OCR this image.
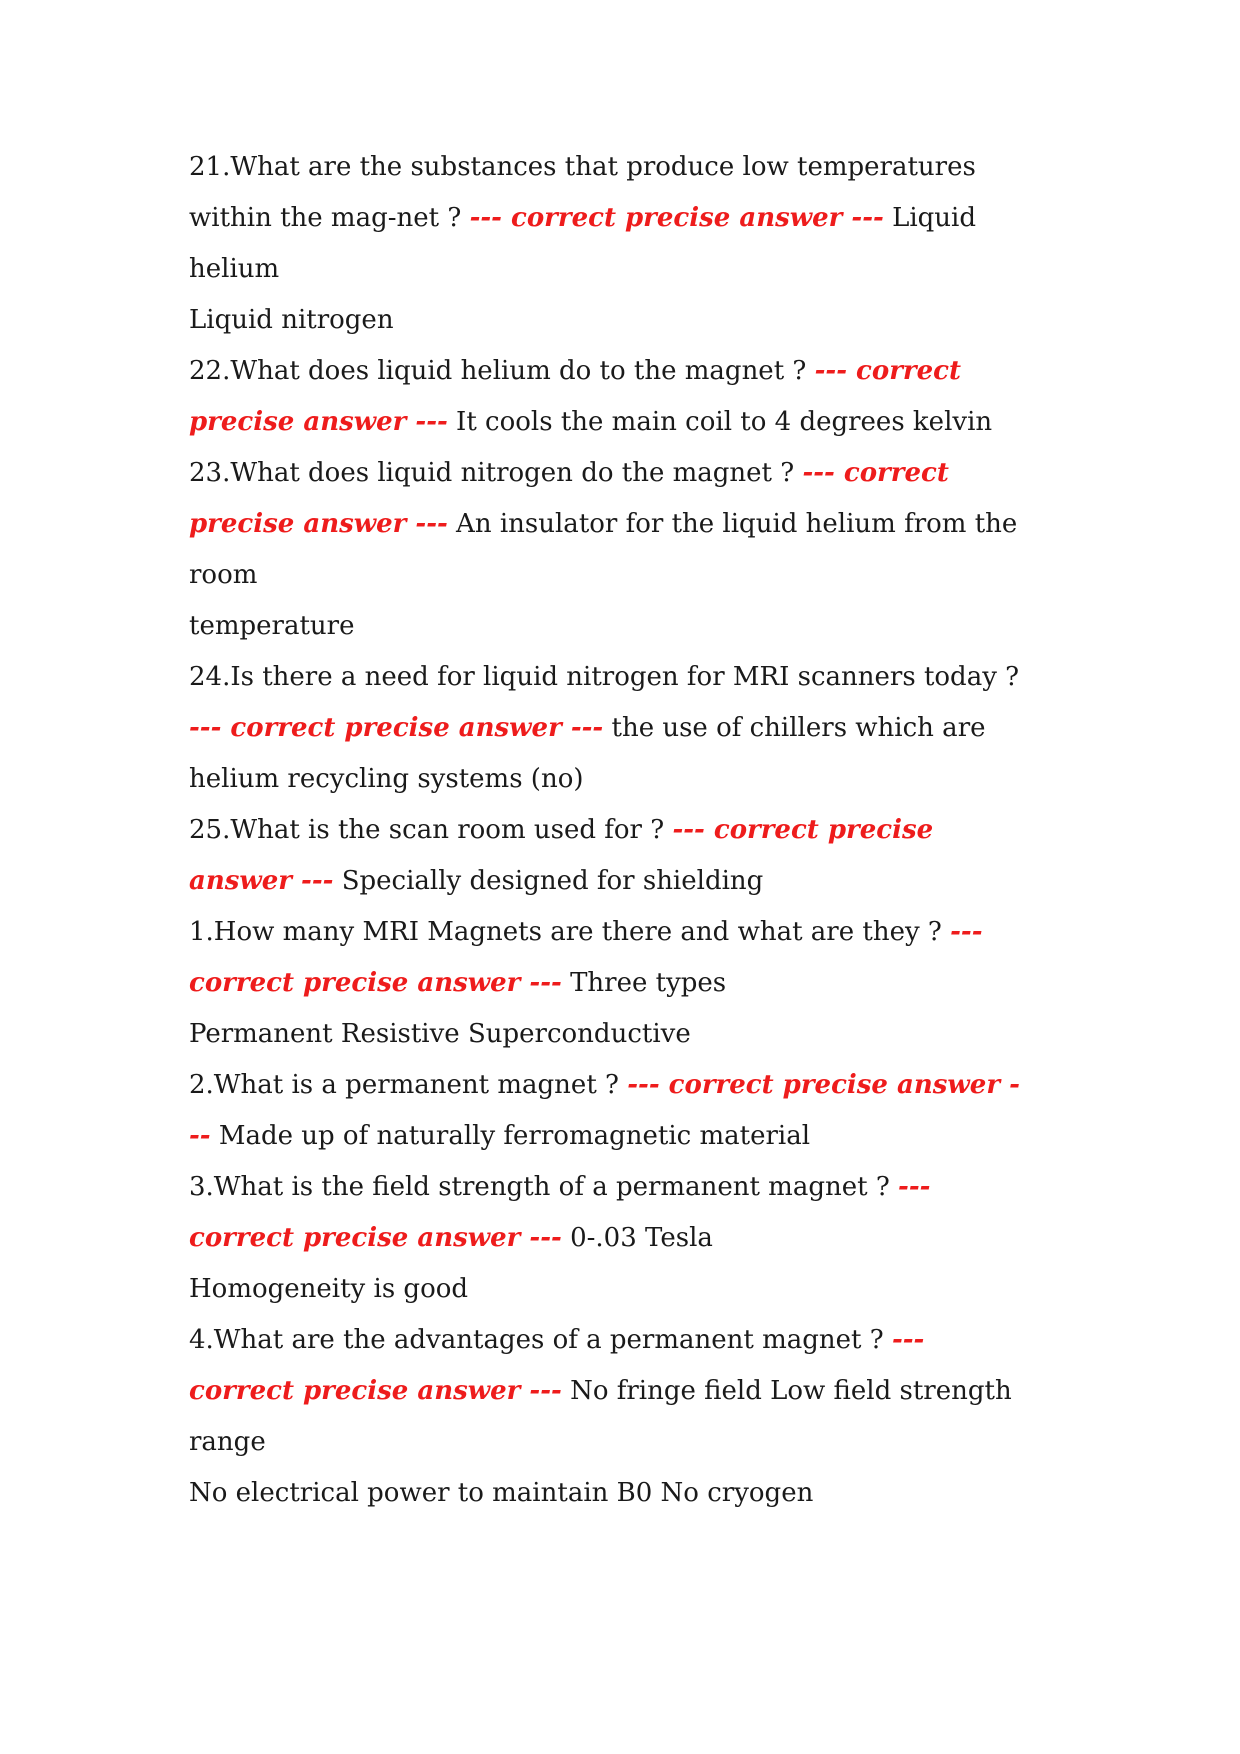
21.What are the substances that produce low temperatures
within the mag-net ? --- correct precise answer --- Liquid
helium
Liquid nitrogen
22.What does liquid helium do to the magnet ? --- correct
precise answer --- It cools the main coil to 4 degrees kelvin
23.What does liquid nitrogen do the magnet ? --- correct
precise answer --- An insulator for the liquid helium from the
room
temperature
24.Is there a need for liquid nitrogen for MRI scanners today ?
--- correct precise answer --- the use of chillers which are
helium recycling systems (no)
25.What is the scan room used for ? --- correct precise
answer --- Specially designed for shielding
1.How many MRI Magnets are there and what are they ? ---
correct precise answer --- Three types
Permanent Resistive Superconductive
2.What is a permanent magnet ? --- correct precise answer -
-- Made up of naturally ferromagnetic material
3.What is the field strength of a permanent magnet ? ---
correct precise answer --- 0-.03 Tesla
Homogeneity is good
4.What are the advantages of a permanent magnet ? ---
correct precise answer --- No fringe field Low field strength
range
No electrical power to maintain B0 No cryogen
